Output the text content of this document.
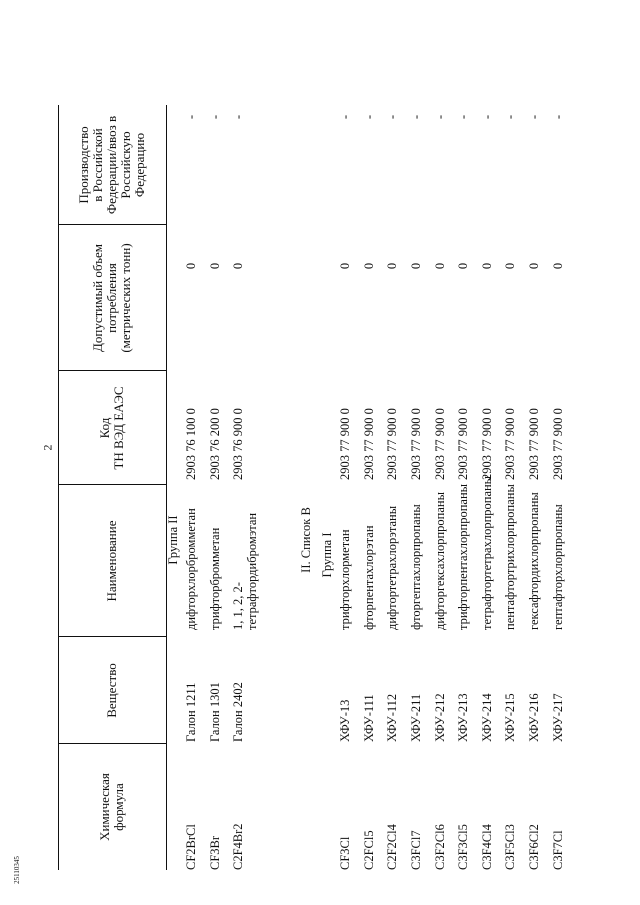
2
25110345
Химическая
формула
Вещество
Наименование
Код
ТН ВЭД ЕАЭС
Допустимый объем
потребления
(метрических тонн)
Производство
в Российской
Федерации/ввоз в
Российскую
Федерацию
Группа II
CF2BrCl
Галон 1211
дифторхлорбромметан
2903 76 100 0
0
-
CF3Br
Галон 1301
трифторбромметан
2903 76 200 0
0
-
C2F4Br2
Галон 2402
1, 1, 2, 2-
тетрафтордибромэтан
2903 76 900 0
0
-
II. Список В Группа I
CF3Cl
ХФУ-13
трифторхлорметан
2903 77 900 0
0
-
C2FCl5
ХФУ-111
фторпентахлорэтан
2903 77 900 0
0
-
C2F2Cl4
ХФУ-112
дифтортетрахлорэтаны
2903 77 900 0
0
-
C3FCl7
ХФУ-211
фторгептахлорпропаны
2903 77 900 0
0
-
C3F2Cl6
ХФУ-212
дифторгексахлорпропаны
2903 77 900 0
0
-
C3F3Cl5
ХФУ-213
трифторпентахлорпропаны
2903 77 900 0
0
-
C3F4Cl4
ХФУ-214
тетрафтортетрахлорпропаны
2903 77 900 0
0
-
C3F5Cl3
ХФУ-215
пентафтортрихлорпропаны
2903 77 900 0
0
-
C3F6Cl2
ХФУ-216
гексафтордихлорпропаны
2903 77 900 0
0
-
C3F7Cl
ХФУ-217
гептафторхлорпропаны
2903 77 900 0
0
-
